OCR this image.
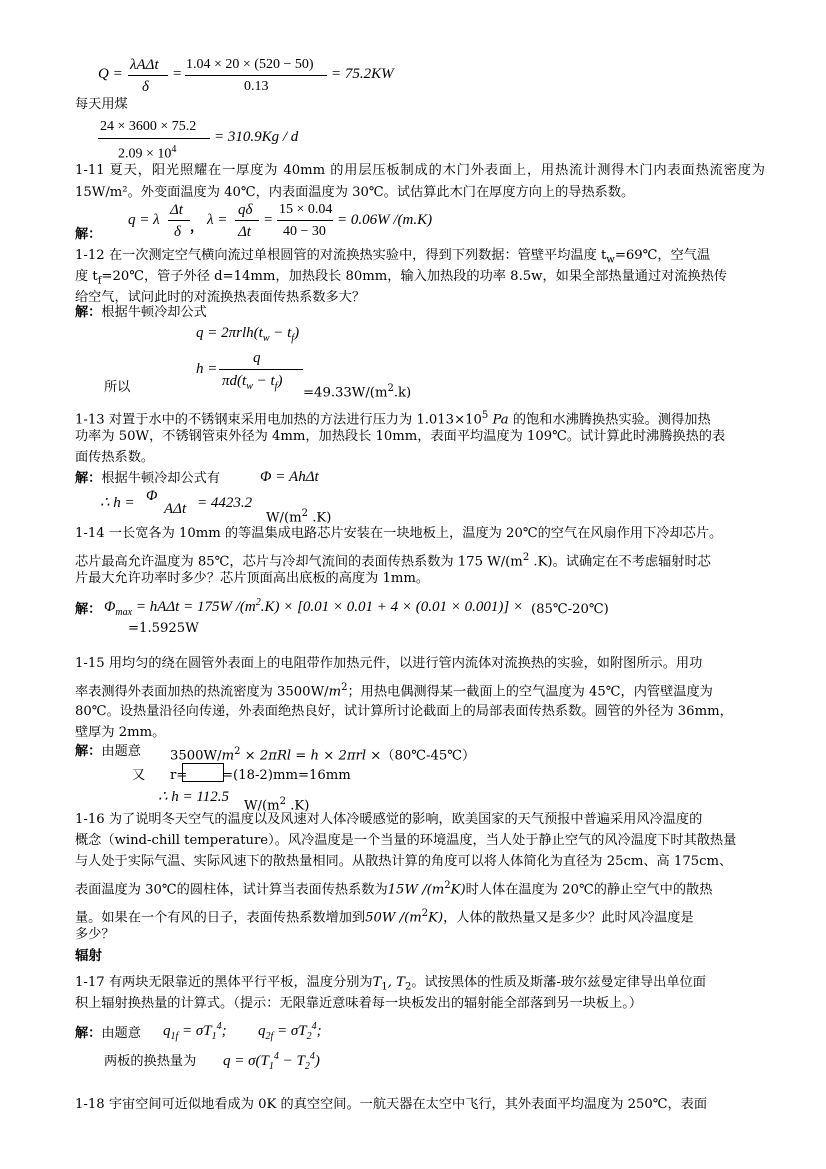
Q =
λAΔt
δ
=
1.04 × 20 × (520 − 50)
0.13
= 75.2KW
每天用煤
24 × 3600 × 75.2
$2.09 \times 10^4$
= 310.9Kg / d
1-11 夏天，阳光照耀在一厚度为 40mm 的用层压板制成的木门外表面上，用热流计测得木门内表面热流密度为 15W/m²。外变面温度为 40℃，内表面温度为 30℃。试估算此木门在厚度方向上的导热系数。
解：
q = λ
Δt
δ ， λ =
qδ
Δt
=
15 × 0.04
40 − 30
= 0.06W /(m.K)
1-12 在一次测定空气横向流过单根圆管的对流换热实验中，得到下列数据：管壁平均温度 $t_w=69℃$，空气温
度 $t_f=20℃$，管子外径 d=14mm，加热段长 80mm，输入加热段的功率 8.5w，如果全部热量通过对流换热传
给空气，试问此时的对流换热表面传热系数多大？
解：根据牛顿冷却公式
$q = 2\pi rlh(t_w - t_f)$
h =
q
$\pi d(t_w - t_f)$
所以	$=49.33W/(m^2.k)$
1-13 对置于水中的不锈钢束采用电加热的方法进行压力为 $1.013\times 10^5$ Pa 的饱和水沸腾换热实验。测得加热
功率为 50W，不锈钢管束外径为 4mm，加热段长 10mm，表面平均温度为 109℃。试计算此时沸腾换热的表
面传热系数。
解：根据牛顿冷却公式有	Φ = AhΔt
∴ h = Φ
AΔt = 4423.2
$W/(m^2$ .K)
1-14 一长宽各为 10mm 的等温集成电路芯片安装在一块地板上，温度为 20℃的空气在风扇作用下冷却芯片。
芯片最高允许温度为 85℃，芯片与冷却气流间的表面传热系数为 175 $W/(m^2$ .K)。试确定在不考虑辐射时芯
片最大允许功率时多少？芯片顶面高出底板的高度为 1mm。
解： $\Phi_{max} = hA\Delta t = 175W$ $/(m^2.K) \times [0.01 \times 0.01 + 4 \times (0.01 \times 0.001)]$ × (85℃-20℃)
=1.5925W
1-15 用均匀的绕在圆管外表面上的电阻带作加热元件，以进行管内流体对流换热的实验，如附图所示。用功
率表测得外表面加热的热流密度为 $3500W/m^2$；用热电偶测得某一截面上的空气温度为 45℃，内管壁温度为
80℃。设热量沿径向传递，外表面绝热良好，试计算所讨论截面上的局部表面传热系数。圆管的外径为 36mm，
壁厚为 2mm。
解：由题意 $3500W/m^2 \times 2\pi Rl = h \times 2\pi rl$ ×（80℃-45℃）
又 r=	=(18-2)mm=16mm
∴ h = 112.5
$W/(m^2$ .K)
1-16 为了说明冬天空气的温度以及风速对人体冷暖感觉的影响，欧美国家的天气预报中普遍采用风冷温度的
概念（wind-chill temperature）。风冷温度是一个当量的环境温度，当人处于静止空气的风冷温度下时其散热量
与人处于实际气温、实际风速下的散热量相同。从散热计算的角度可以将人体简化为直径为 25cm、高 175cm、
表面温度为 30℃的圆柱体，试计算当表面传热系数为15W $/(m^2K)$时人体在温度为 20℃的静止空气中的散热
量。如果在一个有风的日子，表面传热系数增加到50W $/(m^2K)$，人体的散热量又是多少？此时风冷温度是
多少？
辐射
1-17 有两块无限靠近的黑体平行平板，温度分别为$T_1$, $T_2$。试按黑体的性质及斯藩-玻尔兹曼定律导出单位面
积上辐射换热量的计算式。（提示：无限靠近意味着每一块板发出的辐射能全部落到另一块板上。）
解：由题意 $q_{1f} = \sigma T_1^4$; $q_{2f} = \sigma T_2^4$;
两板的换热量为 $q = \sigma(T_1^4 - T_2^4)$
1-18 宇宙空间可近似地看成为 0K 的真空空间。一航天器在太空中飞行，其外表面平均温度为 250℃，表面
